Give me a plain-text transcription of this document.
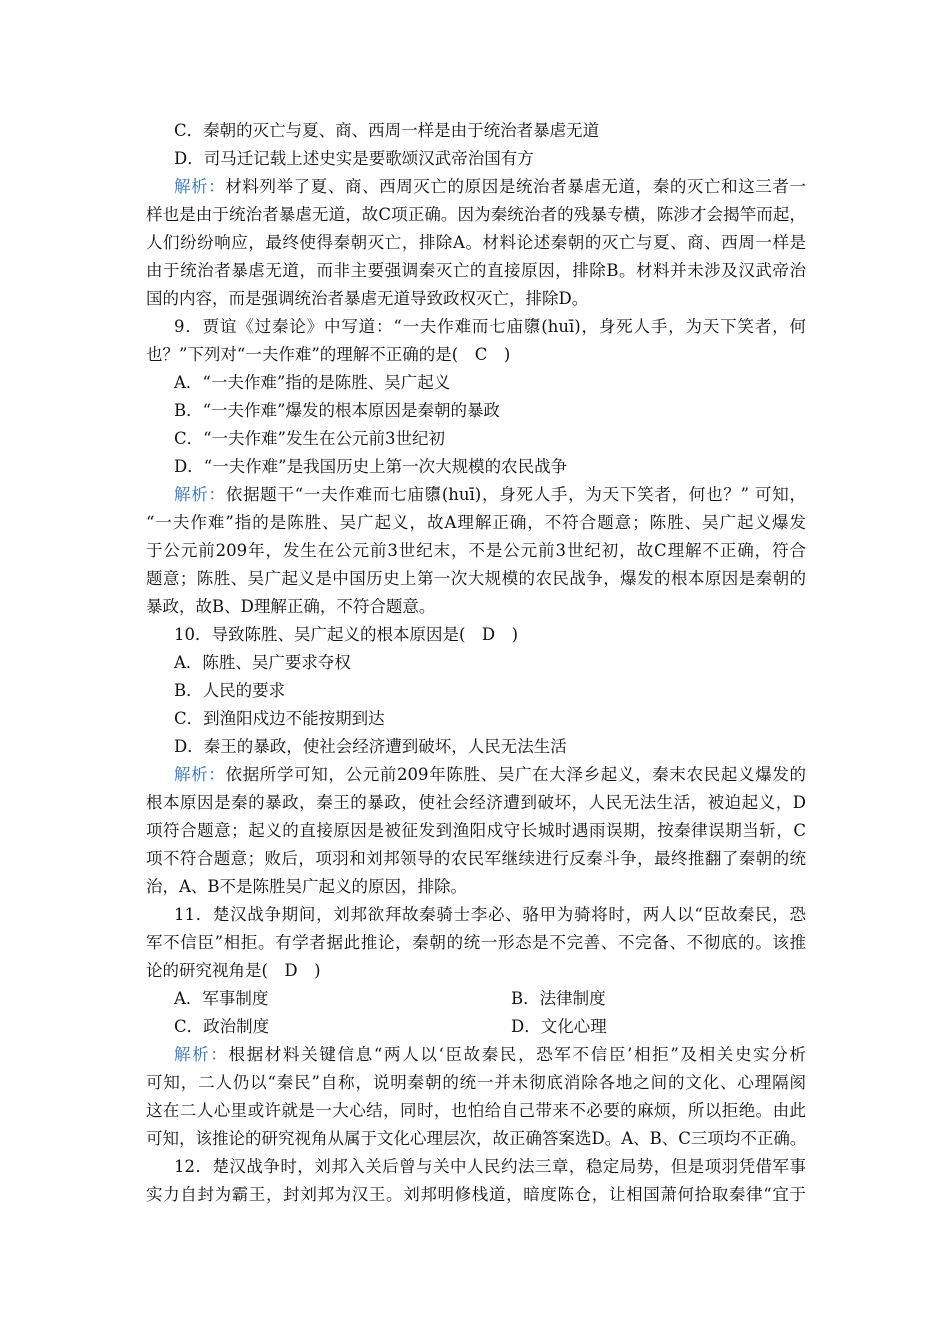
C．秦朝的灭亡与夏、商、西周一样是由于统治者暴虐无道
D．司马迁记载上述史实是要歌颂汉武帝治国有方
解析：材料列举了夏、商、西周灭亡的原因是统治者暴虐无道，秦的灭亡和这三者一
样也是由于统治者暴虐无道，故C项正确。因为秦统治者的残暴专横，陈涉才会揭竿而起，
人们纷纷响应，最终使得秦朝灭亡，排除A。材料论述秦朝的灭亡与夏、商、西周一样是
由于统治者暴虐无道，而非主要强调秦灭亡的直接原因，排除B。材料并未涉及汉武帝治
国的内容，而是强调统治者暴虐无道导致政权灭亡，排除D。
9．贾谊《过秦论》中写道：“一夫作难而七庙隳(huī)，身死人手，为天下笑者，何
也？”下列对“一夫作难”的理解不正确的是(　C　)
A．“一夫作难”指的是陈胜、吴广起义
B．“一夫作难”爆发的根本原因是秦朝的暴政
C．“一夫作难”发生在公元前3世纪初
D．“一夫作难”是我国历史上第一次大规模的农民战争
解析：依据题干“一夫作难而七庙隳(huī)，身死人手，为天下笑者，何也？” 可知，
“一夫作难”指的是陈胜、吴广起义，故A理解正确，不符合题意；陈胜、吴广起义爆发
于公元前209年，发生在公元前3世纪末，不是公元前3世纪初，故C理解不正确，符合
题意；陈胜、吴广起义是中国历史上第一次大规模的农民战争，爆发的根本原因是秦朝的
暴政，故B、D理解正确，不符合题意。
10．导致陈胜、吴广起义的根本原因是(　D　)
A．陈胜、吴广要求夺权
B．人民的要求
C．到渔阳戍边不能按期到达
D．秦王的暴政，使社会经济遭到破坏，人民无法生活
解析：依据所学可知，公元前209年陈胜、吴广在大泽乡起义，秦末农民起义爆发的
根本原因是秦的暴政，秦王的暴政，使社会经济遭到破坏，人民无法生活，被迫起义，D
项符合题意；起义的直接原因是被征发到渔阳戍守长城时遇雨误期，按秦律误期当斩，C
项不符合题意；败后，项羽和刘邦领导的农民军继续进行反秦斗争，最终推翻了秦朝的统
治，A、B不是陈胜吴广起义的原因，排除。
11．楚汉战争期间，刘邦欲拜故秦骑士李必、骆甲为骑将时，两人以“臣故秦民，恐
军不信臣”相拒。有学者据此推论，秦朝的统一形态是不完善、不完备、不彻底的。该推
论的研究视角是(　D　)
A．军事制度	B．法律制度
C．政治制度	D．文化心理
解析：根据材料关键信息“两人以‘臣故秦民，恐军不信臣’相拒”及相关史实分析
可知，二人仍以“秦民”自称，说明秦朝的统一并未彻底消除各地之间的文化、心理隔阂
这在二人心里或许就是一大心结，同时，也怕给自己带来不必要的麻烦，所以拒绝。由此
可知，该推论的研究视角从属于文化心理层次，故正确答案选D。A、B、C三项均不正确。
12．楚汉战争时，刘邦入关后曾与关中人民约法三章，稳定局势，但是项羽凭借军事
实力自封为霸王，封刘邦为汉王。刘邦明修栈道，暗度陈仓，让相国萧何拾取秦律“宜于
